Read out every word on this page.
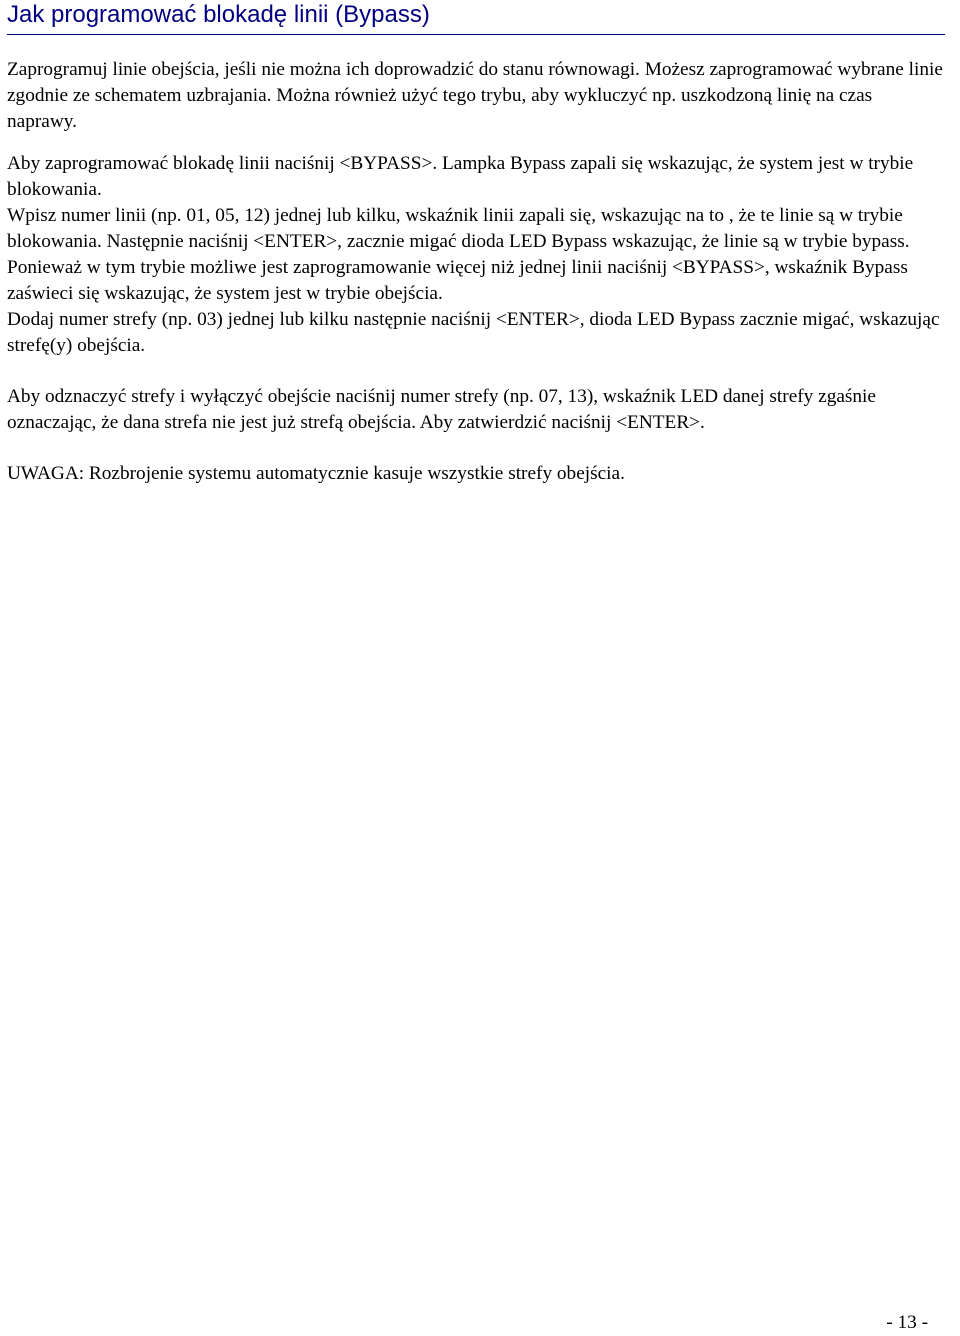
Jak programować blokadę linii (Bypass)

Zaprogramuj linie obejścia, jeśli nie można ich doprowadzić do stanu równowagi. Możesz zaprogramować wybrane linie zgodnie ze schematem uzbrajania. Można również użyć tego trybu, aby wykluczyć np. uszkodzoną linię na czas naprawy.

Aby zaprogramować blokadę linii naciśnij <BYPASS>. Lampka Bypass zapali się wskazując, że system jest w trybie blokowania.

Wpisz numer linii (np. 01, 05, 12) jednej lub kilku, wskaźnik linii zapali się, wskazując na to , że te linie są w trybie blokowania. Następnie naciśnij <ENTER>, zacznie migać dioda LED Bypass wskazując, że linie są w trybie bypass.

Ponieważ w tym trybie możliwe jest zaprogramowanie więcej niż jednej linii naciśnij <BYPASS>, wskaźnik Bypass zaświeci się wskazując, że system jest w trybie obejścia.

Dodaj numer strefy (np. 03) jednej lub kilku następnie naciśnij <ENTER>, dioda LED Bypass zacznie migać, wskazując strefę(y) obejścia.

Aby odznaczyć strefy i wyłączyć obejście naciśnij numer strefy (np. 07, 13), wskaźnik LED danej strefy zgaśnie oznaczając, że dana strefa nie jest już strefą obejścia. Aby zatwierdzić naciśnij <ENTER>.

UWAGA: Rozbrojenie systemu automatycznie kasuje wszystkie strefy obejścia.

- 13 -
